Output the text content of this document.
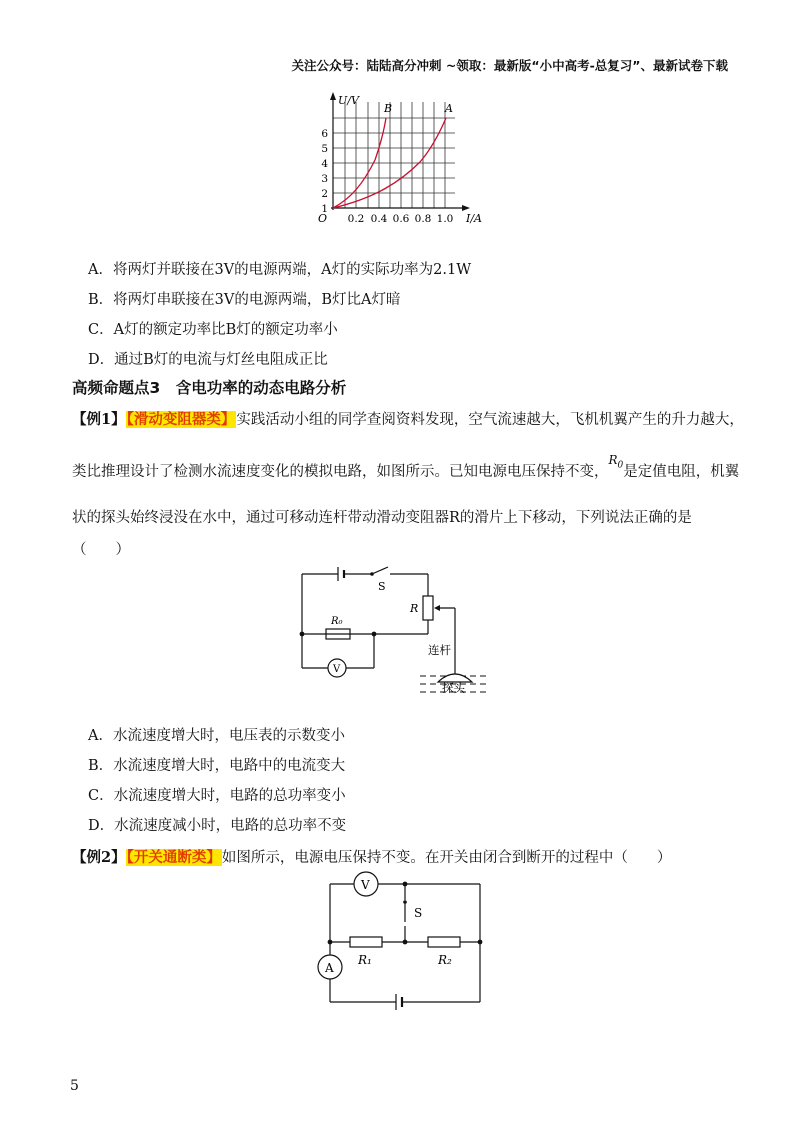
关注公众号：陆陆高分冲刺 ~领取：最新版“小中高考-总复习”、最新试卷下载
U/V
I/A
O
1
2
3
4
5
6
0.2 0.4 0.6 0.8 1.0
B	A
A．将两灯并联接在3V的电源两端，A灯的实际功率为2.1W
B．将两灯串联接在3V的电源两端，B灯比A灯暗
C．A灯的额定功率比B灯的额定功率小
D．通过B灯的电流与灯丝电阻成正比
高频命题点3　含电功率的动态电路分析
【例1】【滑动变阻器类】实践活动小组的同学查阅资料发现，空气流速越大，飞机机翼产生的升力越大，
类比推理设计了检测水流速度变化的模拟电路，如图所示。已知电源电压保持不变，$^{R_0}$是定值电阻，机翼
状的探头始终浸没在水中，通过可移动连杆带动滑动变阻器R的滑片上下移动，下列说法正确的是
（　　）
S
R
R₀
V
连杆
探头
A．水流速度增大时，电压表的示数变小
B．水流速度增大时，电路中的电流变大
C．水流速度增大时，电路的总功率变小
D．水流速度减小时，电路的总功率不变
【例2】【开关通断类】如图所示，电源电压保持不变。在开关由闭合到断开的过程中（　　）
V
S
A
R₁	R₂
5
